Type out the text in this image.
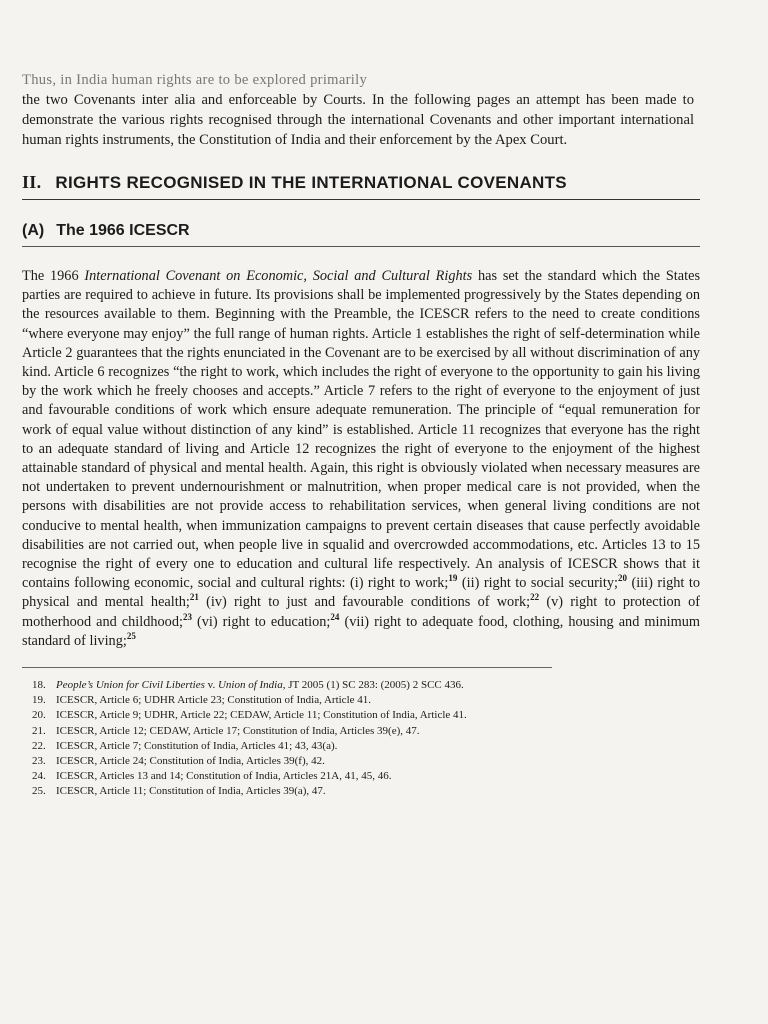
Thus, in India human rights are to be explored primarily
the two Covenants inter alia and enforceable by Courts. In the following pages an attempt has been made to demonstrate the various rights recognised through the international Covenants and other important international human rights instruments, the Constitution of India and their enforcement by the Apex Court.

II. RIGHTS RECOGNISED IN THE INTERNATIONAL COVENANTS
(A) The 1966 ICESCR

The 1966 International Covenant on Economic, Social and Cultural Rights has set the standard which the States parties are required to achieve in future. Its provisions shall be implemented progressively by the States depending on the resources available to them. Beginning with the Preamble, the ICESCR refers to the need to create conditions “where everyone may enjoy” the full range of human rights. Article 1 establishes the right of self-determination while Article 2 guarantees that the rights enunciated in the Covenant are to be exercised by all without discrimination of any kind. Article 6 recognizes “the right to work, which includes the right of everyone to the opportunity to gain his living by the work which he freely chooses and accepts.” Article 7 refers to the right of everyone to the enjoyment of just and favourable conditions of work which ensure adequate remuneration. The principle of “equal remuneration for work of equal value without distinction of any kind” is established. Article 11 recognizes that everyone has the right to an adequate standard of living and Article 12 recognizes the right of everyone to the enjoyment of the highest attainable standard of physical and mental health. Again, this right is obviously violated when necessary measures are not undertaken to prevent undernourishment or malnutrition, when proper medical care is not provided, when the persons with disabilities are not provide access to rehabilitation services, when general living conditions are not conducive to mental health, when immunization campaigns to prevent certain diseases that cause perfectly avoidable disabilities are not carried out, when people live in squalid and overcrowded accommodations, etc. Articles 13 to 15 recognise the right of every one to education and cultural life respectively. An analysis of ICESCR shows that it contains following economic, social and cultural rights: (i) right to work;$^{19}$ (ii) right to social security;$^{20}$ (iii) right to physical and mental health;$^{21}$ (iv) right to just and favourable conditions of work;$^{22}$ (v) right to protection of motherhood and childhood;$^{23}$ (vi) right to education;$^{24}$ (vii) right to adequate food, clothing, housing and minimum standard of living;$^{25}$

18. People’s Union for Civil Liberties v. Union of India, JT 2005 (1) SC 283: (2005) 2 SCC 436.
19. ICESCR, Article 6; UDHR Article 23; Constitution of India, Article 41.
20. ICESCR, Article 9; UDHR, Article 22; CEDAW, Article 11; Constitution of India, Article 41.
21. ICESCR, Article 12; CEDAW, Article 17; Constitution of India, Articles 39(e), 47.
22. ICESCR, Article 7; Constitution of India, Articles 41; 43, 43(a).
23. ICESCR, Article 24; Constitution of India, Articles 39(f), 42.
24. ICESCR, Articles 13 and 14; Constitution of India, Articles 21A, 41, 45, 46.
25. ICESCR, Article 11; Constitution of India, Articles 39(a), 47.
